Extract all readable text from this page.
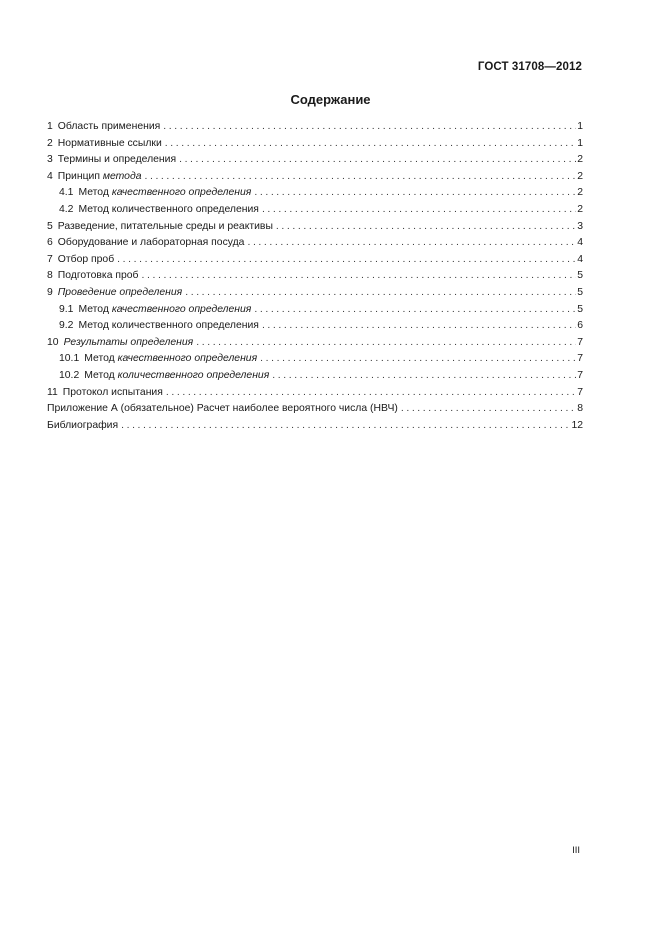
ГОСТ 31708—2012
Содержание
1 Область применения .....	1
2 Нормативные ссылки .....	1
3 Термины и определения .....	2
4 Принцип метода .....	2
4.1 Метод качественного определения .....	2
4.2 Метод количественного определения .....	2
5 Разведение, питательные среды и реактивы .....	3
6 Оборудование и лабораторная посуда .....	4
7 Отбор проб .....	4
8 Подготовка проб .....	5
9 Проведение определения .....	5
9.1 Метод качественного определения .....	5
9.2 Метод количественного определения .....	6
10 Результаты определения .....	7
10.1 Метод качественного определения .....	7
10.2 Метод количественного определения .....	7
11 Протокол испытания .....	7
Приложение А (обязательное) Расчет наиболее вероятного числа (НВЧ) .....	8
Библиография .....	12
III
